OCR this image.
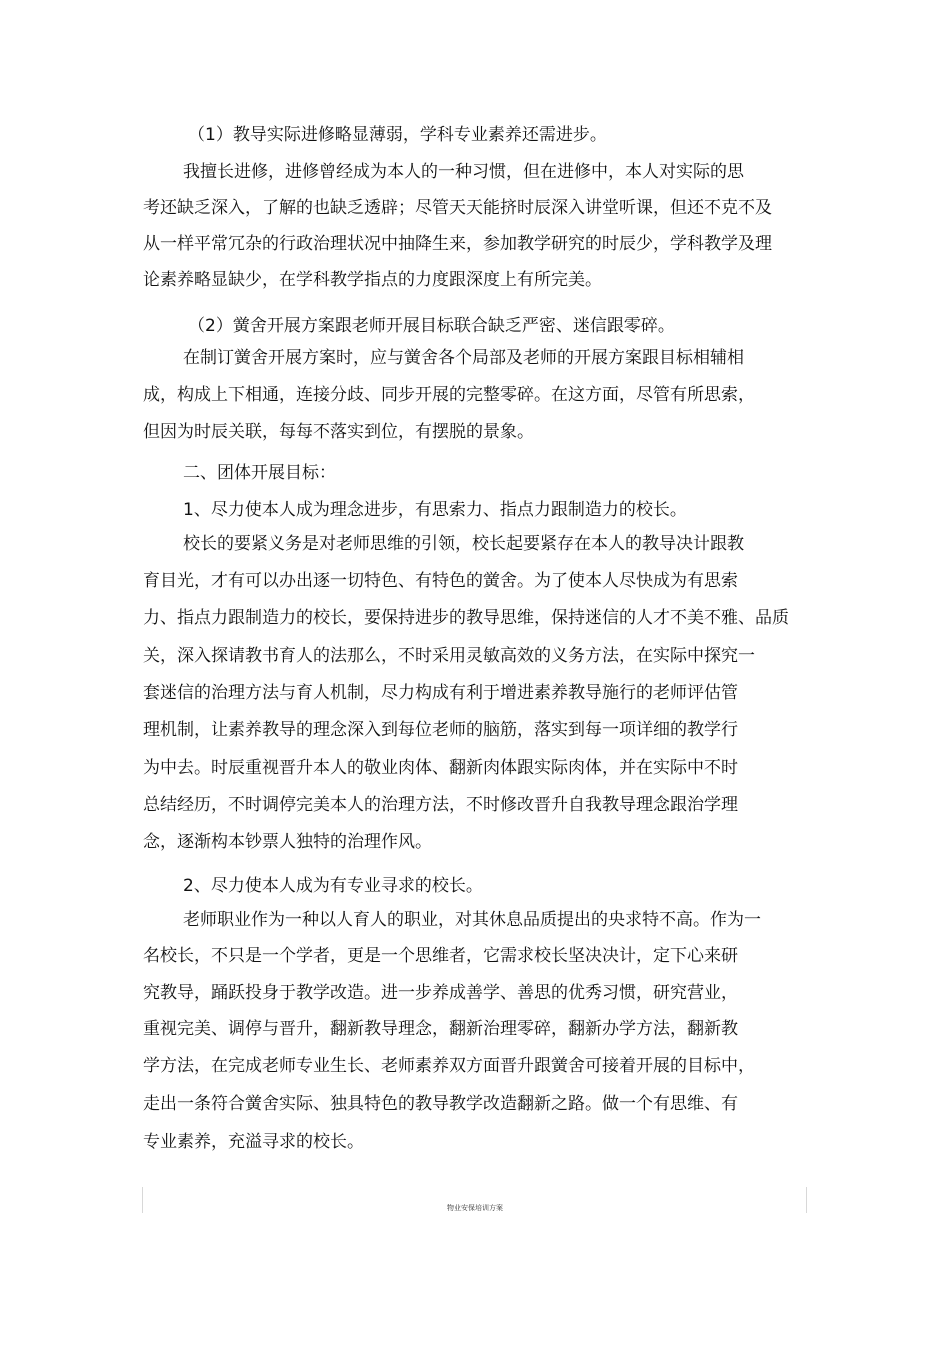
（1）教导实际进修略显薄弱，学科专业素养还需进步。
我擅长进修，进修曾经成为本人的一种习惯，但在进修中，本人对实际的思
考还缺乏深入，了解的也缺乏透辟；尽管天天能挤时辰深入讲堂听课，但还不克不及
从一样平常冗杂的行政治理状况中抽降生来，参加教学研究的时辰少，学科教学及理
论素养略显缺少，在学科教学指点的力度跟深度上有所完美。
（2）黉舍开展方案跟老师开展目标联合缺乏严密、迷信跟零碎。
在制订黉舍开展方案时，应与黉舍各个局部及老师的开展方案跟目标相辅相
成，构成上下相通，连接分歧、同步开展的完整零碎。在这方面，尽管有所思索，
但因为时辰关联，每每不落实到位，有摆脱的景象。
二、团体开展目标：
1、尽力使本人成为理念进步，有思索力、指点力跟制造力的校长。
校长的要紧义务是对老师思维的引领，校长起要紧存在本人的教导决计跟教
育目光，才有可以办出逐一切特色、有特色的黉舍。为了使本人尽快成为有思索
力、指点力跟制造力的校长，要保持进步的教导思维，保持迷信的人才不美不雅、品质
关，深入探请教书育人的法那么，不时采用灵敏高效的义务方法，在实际中探究一
套迷信的治理方法与育人机制，尽力构成有利于增进素养教导施行的老师评估管
理机制，让素养教导的理念深入到每位老师的脑筋，落实到每一项详细的教学行
为中去。时辰重视晋升本人的敬业肉体、翻新肉体跟实际肉体，并在实际中不时
总结经历，不时调停完美本人的治理方法，不时修改晋升自我教导理念跟治学理
念，逐渐构本钞票人独特的治理作风。
2、尽力使本人成为有专业寻求的校长。
老师职业作为一种以人育人的职业，对其休息品质提出的央求特不高。作为一
名校长，不只是一个学者，更是一个思维者，它需求校长坚决决计，定下心来研
究教导，踊跃投身于教学改造。进一步养成善学、善思的优秀习惯，研究营业，
重视完美、调停与晋升，翻新教导理念，翻新治理零碎，翻新办学方法，翻新教
学方法，在完成老师专业生长、老师素养双方面晋升跟黉舍可接着开展的目标中，
走出一条符合黉舍实际、独具特色的教导教学改造翻新之路。做一个有思维、有
专业素养，充溢寻求的校长。
物业安保培训方案
